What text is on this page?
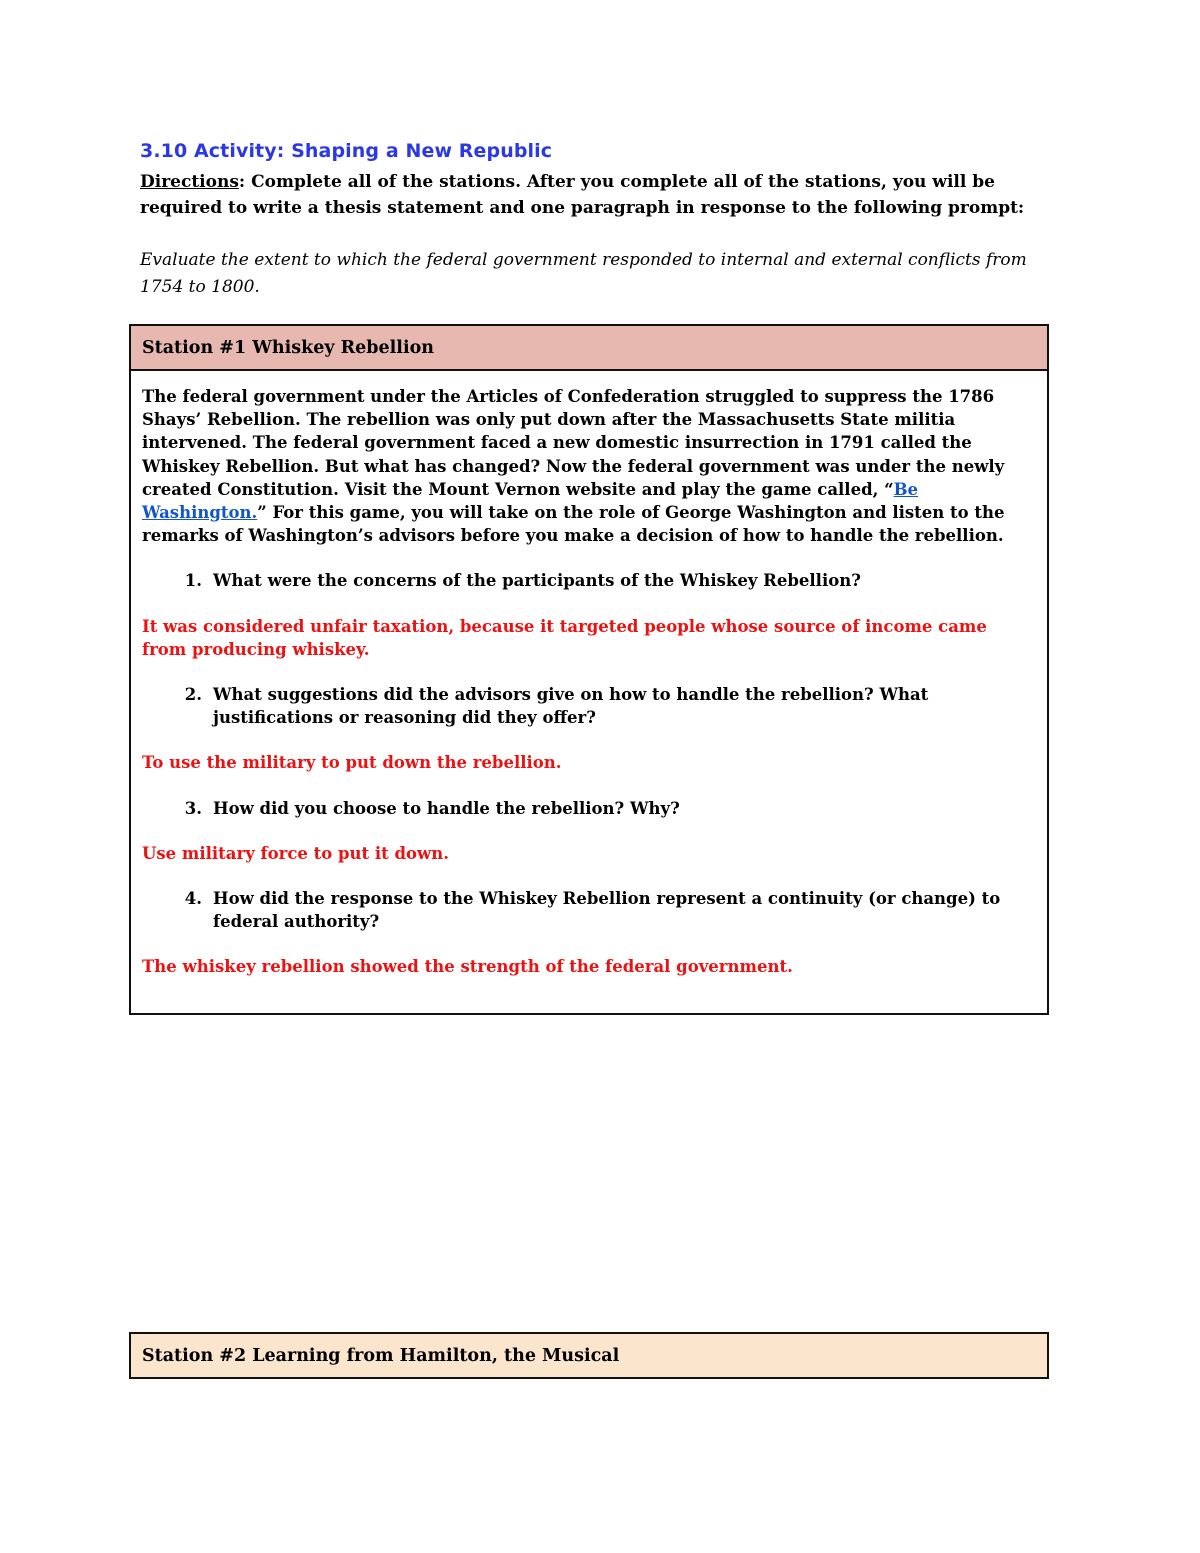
3.10 Activity: Shaping a New Republic
Directions: Complete all of the stations. After you complete all of the stations, you will be required to write a thesis statement and one paragraph in response to the following prompt:
Evaluate the extent to which the federal government responded to internal and external conflicts from 1754 to 1800.
Station #1 Whiskey Rebellion

The federal government under the Articles of Confederation struggled to suppress the 1786 Shays’ Rebellion. The rebellion was only put down after the Massachusetts State militia intervened. The federal government faced a new domestic insurrection in 1791 called the Whiskey Rebellion. But what has changed? Now the federal government was under the newly created Constitution. Visit the Mount Vernon website and play the game called, “Be Washington.” For this game, you will take on the role of George Washington and listen to the remarks of Washington’s advisors before you make a decision of how to handle the rebellion.

1. What were the concerns of the participants of the Whiskey Rebellion?

It was considered unfair taxation, because it targeted people whose source of income came from producing whiskey.

2. What suggestions did the advisors give on how to handle the rebellion? What justifications or reasoning did they offer?

To use the military to put down the rebellion.

3. How did you choose to handle the rebellion? Why?

Use military force to put it down.

4. How did the response to the Whiskey Rebellion represent a continuity (or change) to federal authority?

The whiskey rebellion showed the strength of the federal government.

Station #2 Learning from Hamilton, the Musical
